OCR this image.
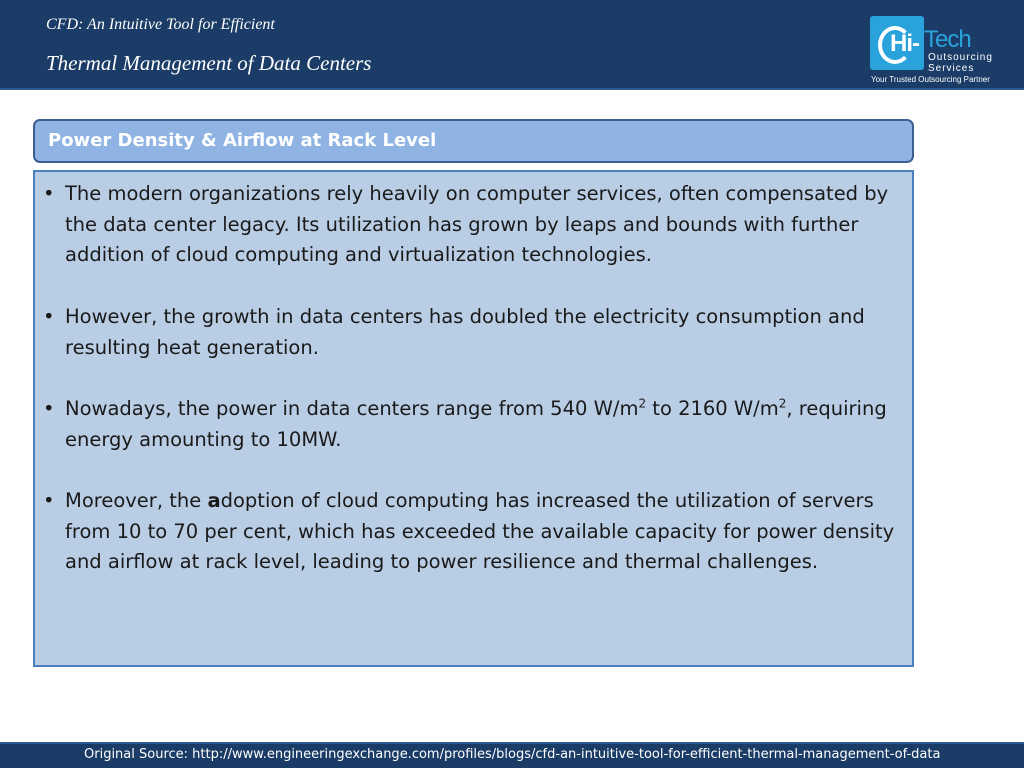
CFD: An Intuitive Tool for Efficient
Thermal Management of Data Centers
Hi- Tech
Outsourcing
Services
Your Trusted Outsourcing Partner
Power Density & Airflow at Rack Level
• The modern organizations rely heavily on computer services, often compensated by the data center legacy. Its utilization has grown by leaps and bounds with further addition of cloud computing and virtualization technologies.
• However, the growth in data centers has doubled the electricity consumption and resulting heat generation.
• Nowadays, the power in data centers range from 540 $W/m^2$ to 2160 $W/m^2$, requiring energy amounting to 10MW.
• Moreover, the adoption of cloud computing has increased the utilization of servers from 10 to 70 per cent, which has exceeded the available capacity for power density and airflow at rack level, leading to power resilience and thermal challenges.
Original Source: http://www.engineeringexchange.com/profiles/blogs/cfd-an-intuitive-tool-for-efficient-thermal-management-of-data
